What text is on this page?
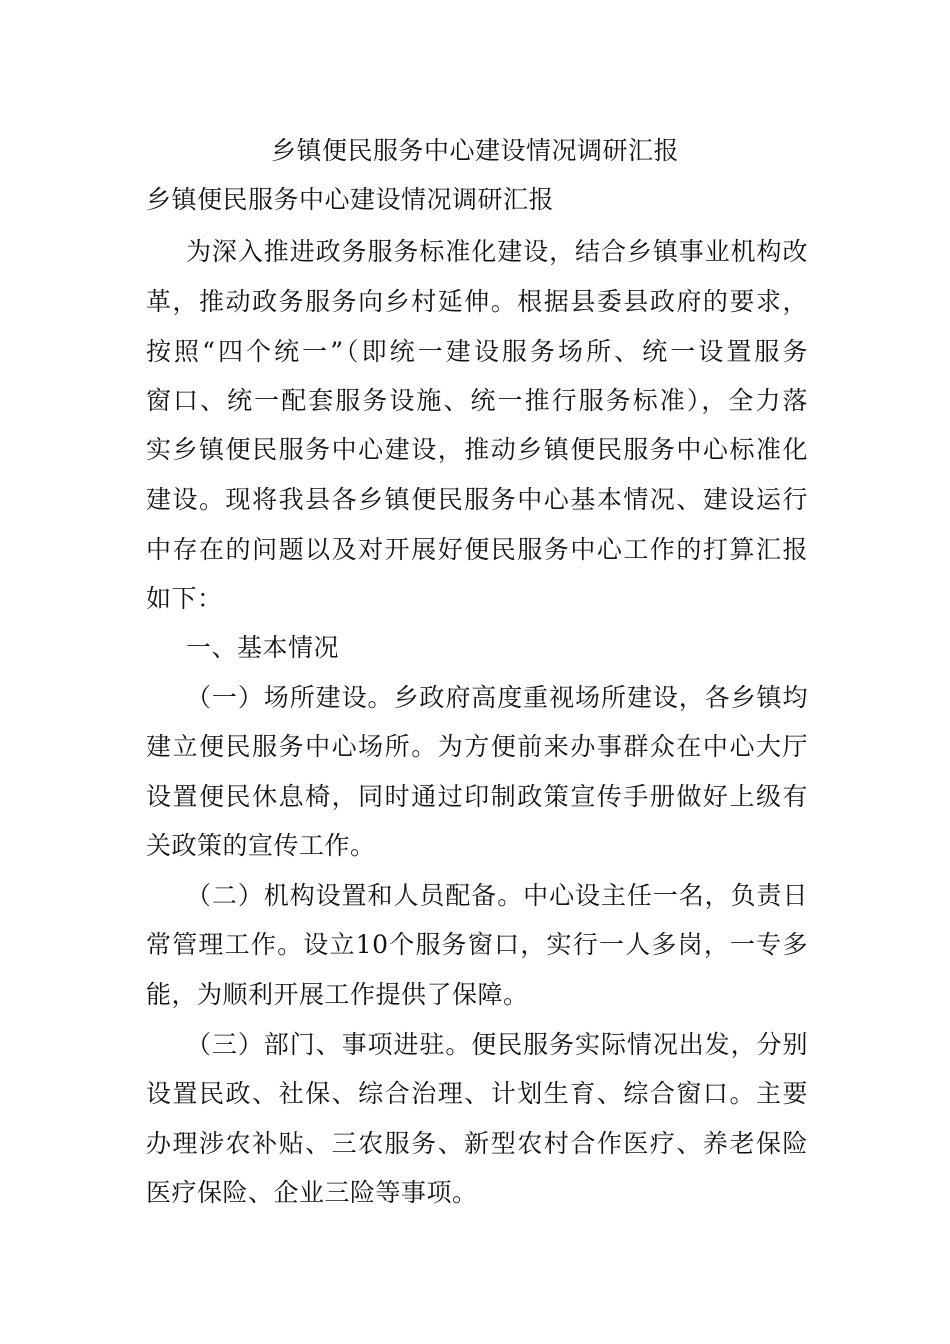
乡镇便民服务中心建设情况调研汇报
乡镇便民服务中心建设情况调研汇报
为深入推进政务服务标准化建设，结合乡镇事业机构改
革，推动政务服务向乡村延伸。根据县委县政府的要求，
按照“四个统一”（即统一建设服务场所、统一设置服务
窗口、统一配套服务设施、统一推行服务标准），全力落
实乡镇便民服务中心建设，推动乡镇便民服务中心标准化
建设。现将我县各乡镇便民服务中心基本情况、建设运行
中存在的问题以及对开展好便民服务中心工作的打算汇报
如下：
一、基本情况
（一）场所建设。乡政府高度重视场所建设，各乡镇均
建立便民服务中心场所。为方便前来办事群众在中心大厅
设置便民休息椅，同时通过印制政策宣传手册做好上级有
关政策的宣传工作。
（二）机构设置和人员配备。中心设主任一名，负责日
常管理工作。设立10个服务窗口，实行一人多岗，一专多
能，为顺利开展工作提供了保障。
（三）部门、事项进驻。便民服务实际情况出发，分别
设置民政、社保、综合治理、计划生育、综合窗口。主要
办理涉农补贴、三农服务、新型农村合作医疗、养老保险
医疗保险、企业三险等事项。
